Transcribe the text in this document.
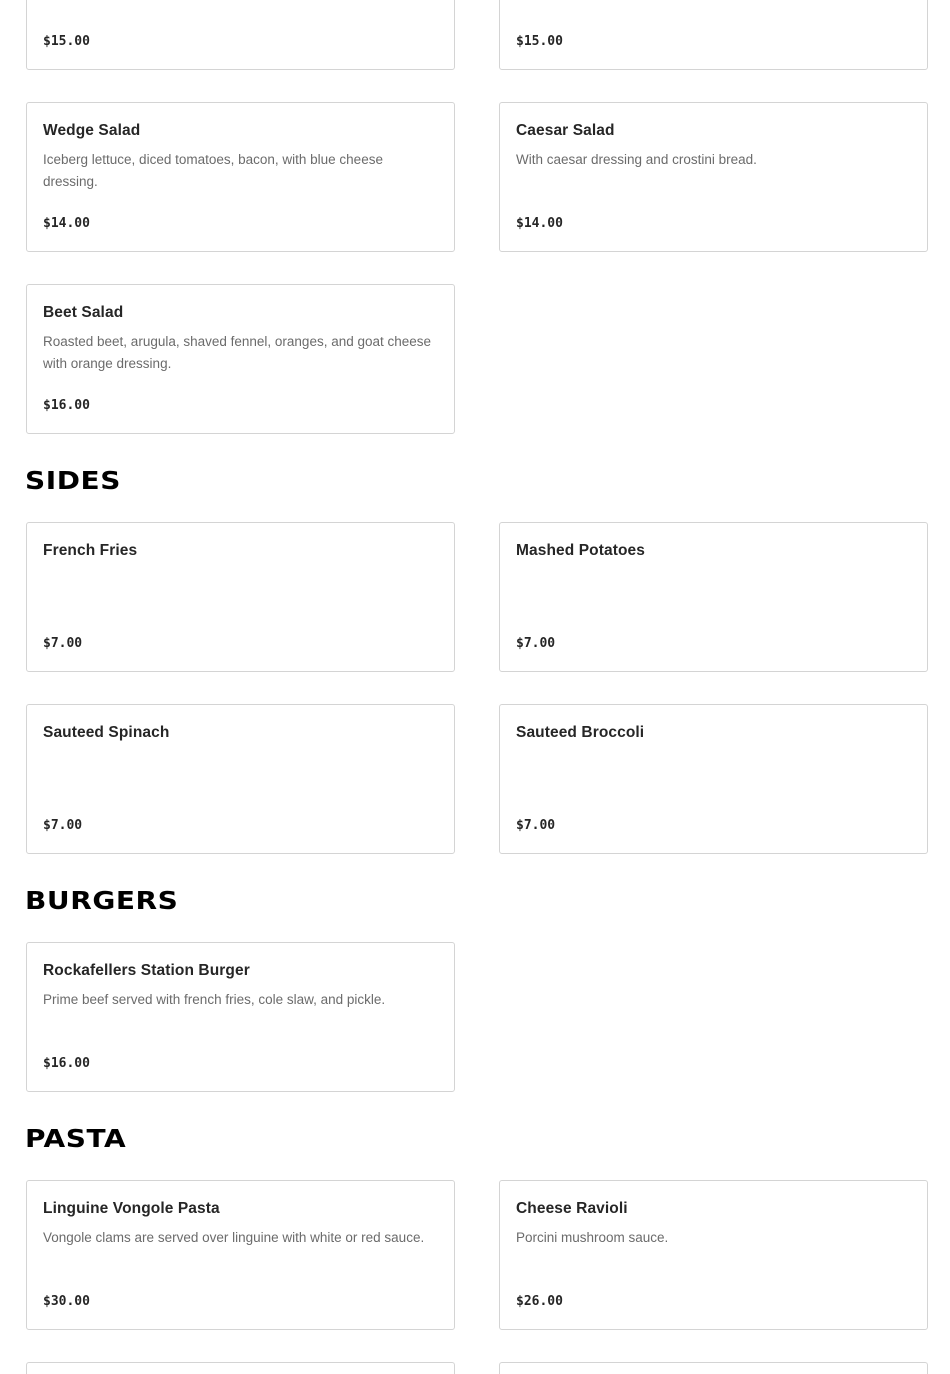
$15.00	$15.00
Wedge Salad
Iceberg lettuce, diced tomatoes, bacon, with blue cheese dressing.
$14.00
Caesar Salad
With caesar dressing and crostini bread.
$14.00
Beet Salad
Roasted beet, arugula, shaved fennel, oranges, and goat cheese with orange dressing.
$16.00
SIDES
French Fries
$7.00
Mashed Potatoes
$7.00
Sauteed Spinach
$7.00
Sauteed Broccoli
$7.00
BURGERS
Rockafellers Station Burger
Prime beef served with french fries, cole slaw, and pickle.
$16.00
PASTA
Linguine Vongole Pasta
Vongole clams are served over linguine with white or red sauce.
$30.00
Cheese Ravioli
Porcini mushroom sauce.
$26.00
